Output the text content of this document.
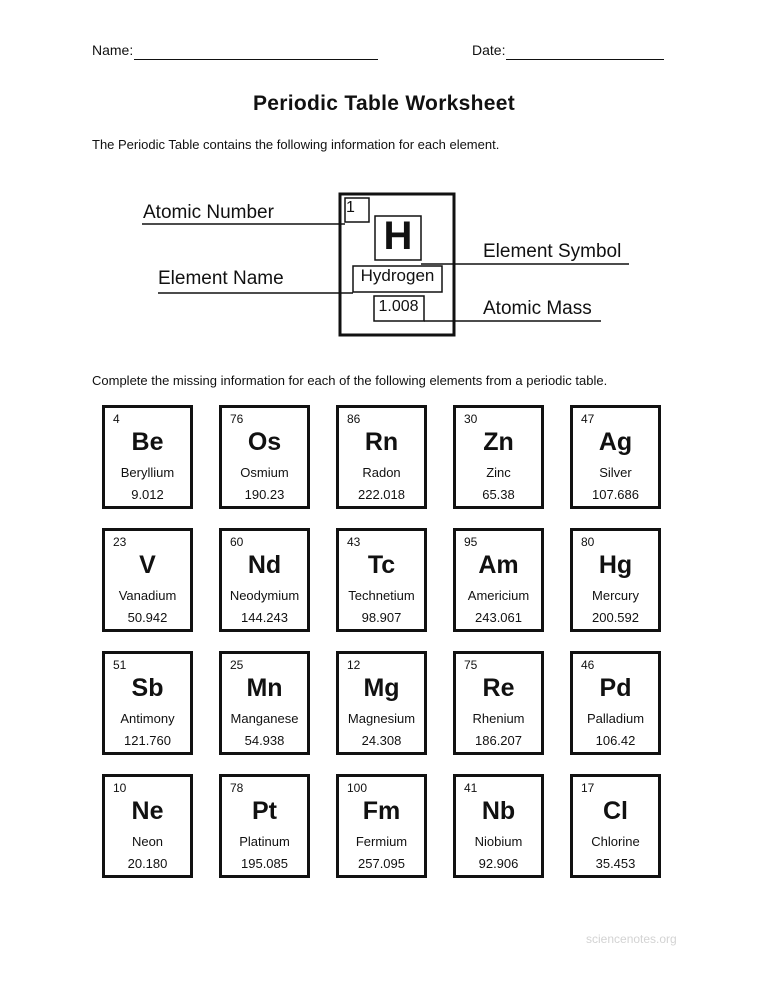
Name:	Date:
Periodic Table Worksheet
The Periodic Table contains the following information for each element.
Atomic Number
Element Name
Element Symbol
Atomic Mass
1
H
Hydrogen
1.008
Complete the missing information for each of the following elements from a periodic table.
4
Be
Beryllium
9.012
76
Os
Osmium
190.23
86
Rn
Radon
222.018
30
Zn
Zinc
65.38
47
Ag
Silver
107.686
23
V
Vanadium
50.942
60
Nd
Neodymium
144.243
43
Tc
Technetium
98.907
95
Am
Americium
243.061
80
Hg
Mercury
200.592
51
Sb
Antimony
121.760
25
Mn
Manganese
54.938
12
Mg
Magnesium
24.308
75
Re
Rhenium
186.207
46
Pd
Palladium
106.42
10
Ne
Neon
20.180
78
Pt
Platinum
195.085
100
Fm
Fermium
257.095
41
Nb
Niobium
92.906
17
Cl
Chlorine
35.453
sciencenotes.org
